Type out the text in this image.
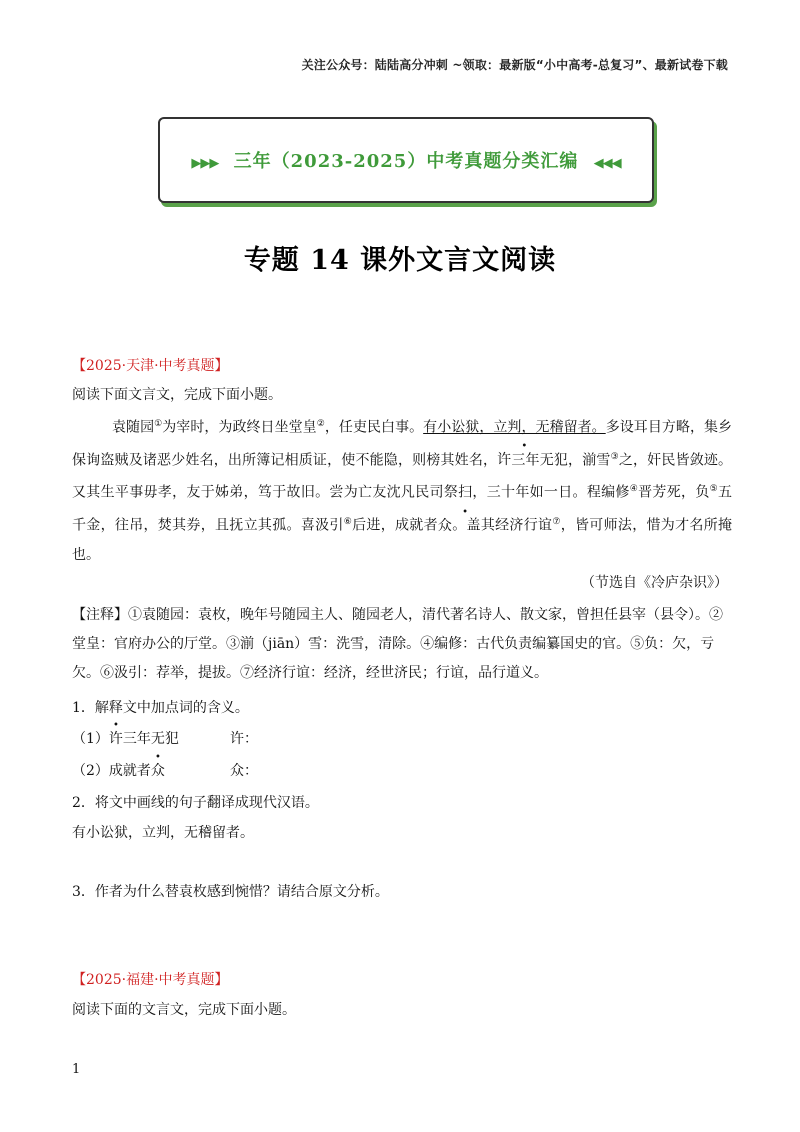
关注公众号：陆陆高分冲刺 ~领取：最新版“小中高考-总复习”、最新试卷下载
▶▶▶ 三年（2023-2025）中考真题分类汇编 ◀◀◀
专题 14 课外文言文阅读
【2025·天津·中考真题】
阅读下面文言文，完成下面小题。

袁随园①为宰时，为政终日坐堂皇②，任吏民白事。有小讼狱，立判，无稽留者。多设耳目方略，集乡保询盗贼及诸恶少姓名，出所簿记相质证，使不能隐，则榜其姓名，许三年无犯，湔雪③之，奸民皆敛迹。又其生平事毋孝，友于姊弟，笃于故旧。尝为亡友沈凡民司祭扫，三十年如一日。程编修④晋芳死，负⑤五千金，往吊，焚其券，且抚立其孤。喜汲引⑥后进，成就者众。盖其经济行谊⑦，皆可师法，惜为才名所掩也。

（节选自《冷庐杂识》）
【注释】①袁随园：袁枚，晚年号随园主人、随园老人，清代著名诗人、散文家，曾担任县宰（县令）。②堂皇：官府办公的厅堂。③湔（jiān）雪：洗雪，清除。④编修：古代负责编纂国史的官。⑤负：欠，亏欠。⑥汲引：荐举，提拔。⑦经济行谊：经济，经世济民；行谊，品行道义。
1．解释文中加点词的含义。
（1）许三年无犯	许：
（2）成就者众	众：
2．将文中画线的句子翻译成现代汉语。
有小讼狱，立判，无稽留者。
3．作者为什么替袁枚感到惋惜？请结合原文分析。
【2025·福建·中考真题】
阅读下面的文言文，完成下面小题。
1
